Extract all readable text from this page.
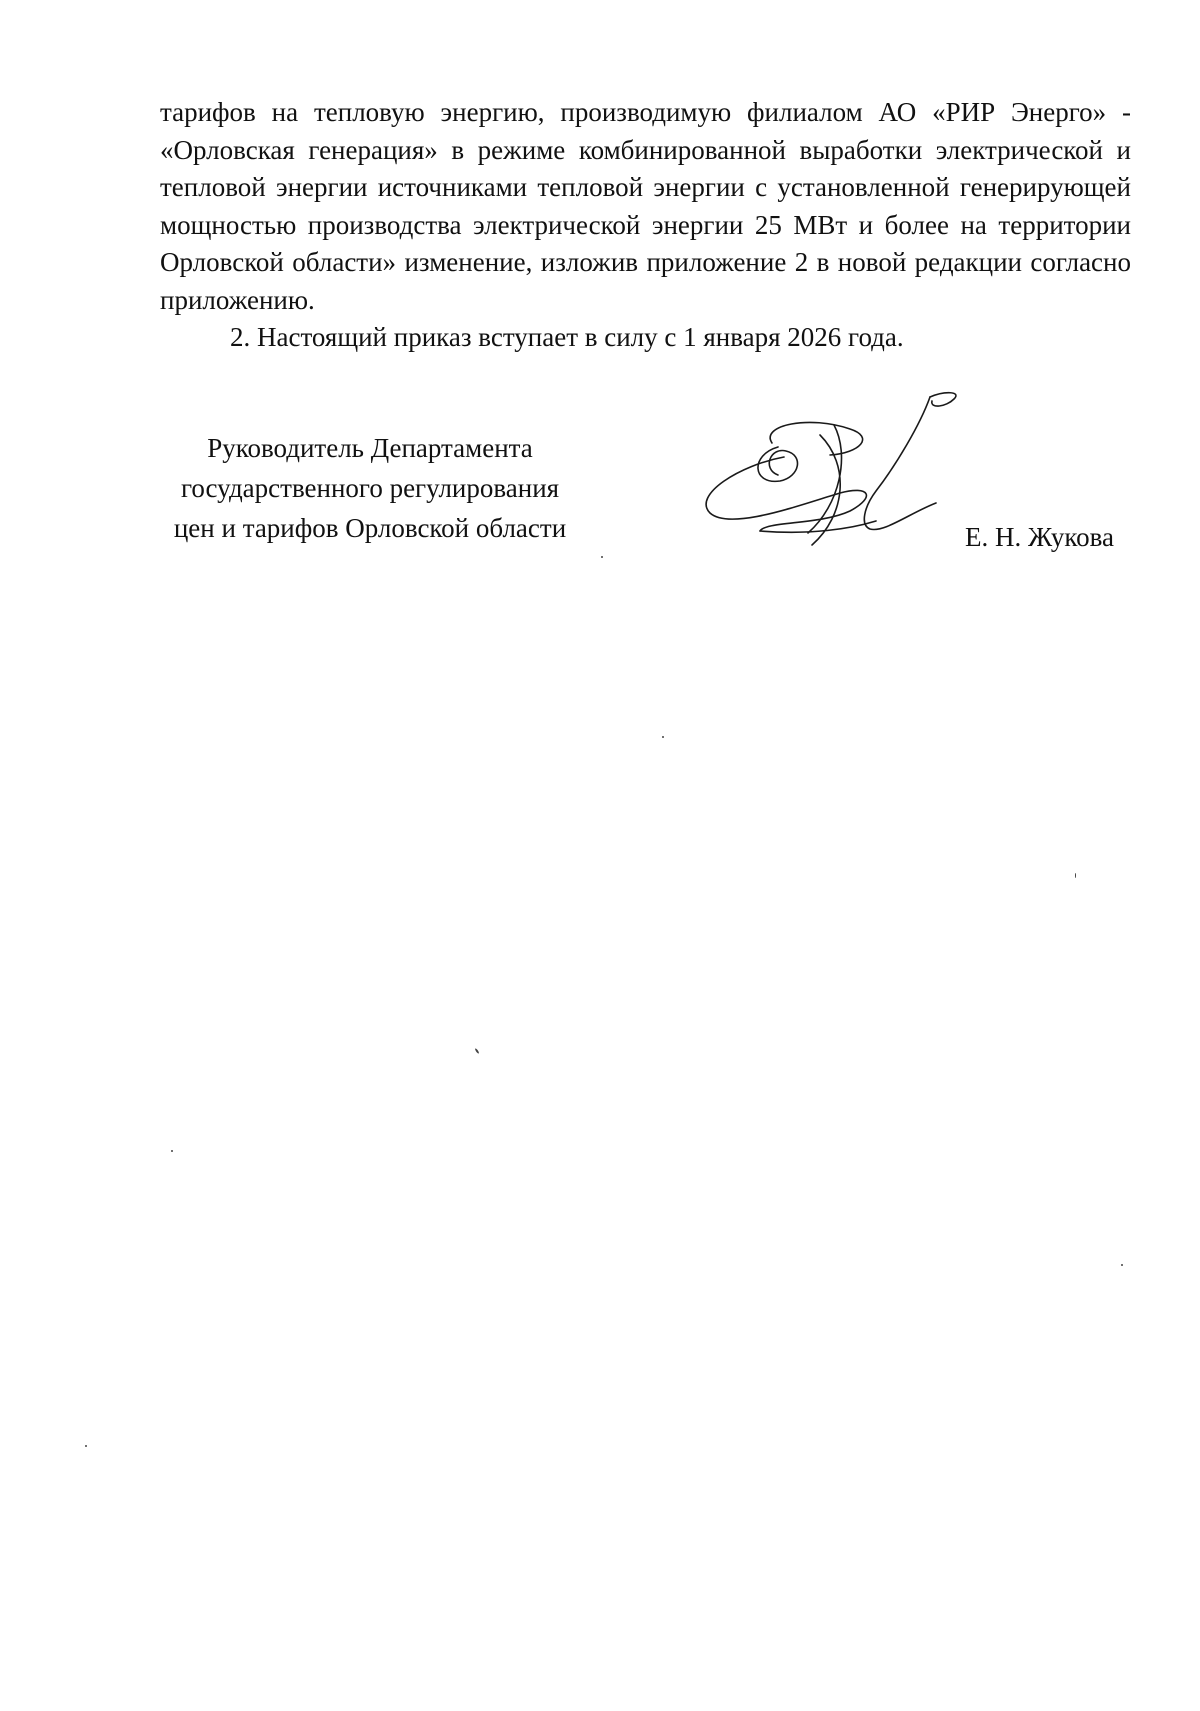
тарифов на тепловую энергию, производимую филиалом АО «РИР Энерго» - «Орловская генерация» в режиме комбинированной выработки электрической и тепловой энергии источниками тепловой энергии с установленной генерирующей мощностью производства электрической энергии 25 МВт и более на территории Орловской области» изменение, изложив приложение 2 в новой редакции согласно приложению.

2. Настоящий приказ вступает в силу с 1 января 2026 года.

Руководитель Департамента
государственного регулирования
цен и тарифов Орловской области	Е. Н. Жукова
